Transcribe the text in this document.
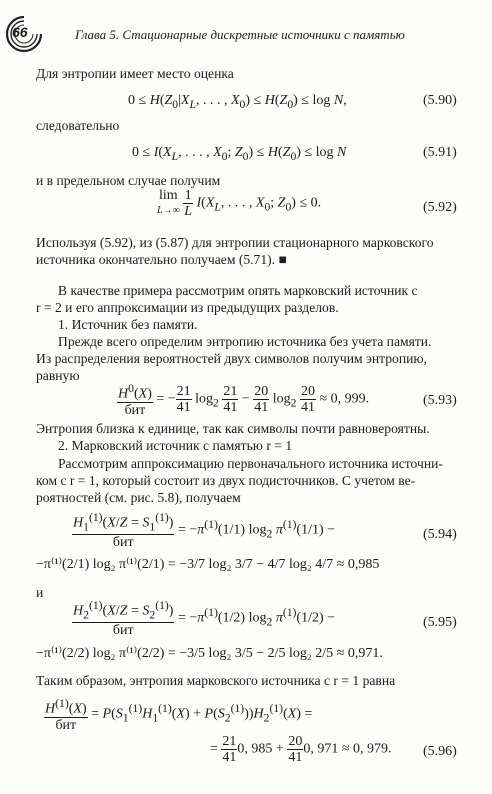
66	Глава 5. Стационарные дискретные источники с памятью
Для энтропии имеет место оценка
$0 \le H(Z_0|X_L$, . . . , $X_0) \le H(Z_0) \le \log N$,	(5.90)
следовательно
$0 \le I(X_L$, . . . , $X_0$; $Z_0) \le H(Z_0) \le \log N$	(5.91)
и в предельном случае получим
lim
$L\to\infty \frac{1}{L} I(X_L$, . . . , $X_0$; $Z_0) \le 0$.	(5.92)
Используя (5.92), из (5.87) для энтропии стационарного марковского
источника окончательно получаем (5.71). ■
В качестве примера рассмотрим опять марковский источник с
r = 2 и его аппроксимации из предыдущих разделов.
1. Источник без памяти.
Прежде всего определим энтропию источника без учета памяти.
Из распределения вероятностей двух символов получим энтропию,
равную
$H^0(X)$
бит
= − $\frac{21}{41} \log_2 \frac{21}{41} - \frac{20}{41} \log_2 \frac{20}{41} \approx 0$, 999.	(5.93)
Энтропия близка к единице, так как символы почти равновероятны.
2. Марковский источник с памятью r = 1
Рассмотрим аппроксимацию первоначального источника источни-
ком с r = 1, который состоит из двух подисточников. С учетом ве-
роятностей (см. рис. 5.8), получаем
$H_1^{(1)}(X/Z = S_1^{(1)})$
бит
= $-\pi^{(1)}(1/1)$ $\log_2 \pi^{(1)}(1/1)$ −	(5.94)
−π⁽¹⁾(2/1) log₂ π⁽¹⁾(2/1) = −3/7 log₂ 3/7 − 4/7 log₂ 4/7 ≈ 0,985
и
$H_2^{(1)}(X/Z = S_2^{(1)})$
бит
= $-\pi^{(1)}(1/2)$ $\log_2 \pi^{(1)}(1/2)$ −	(5.95)
−π⁽¹⁾(2/2) log₂ π⁽¹⁾(2/2) = −3/5 log₂ 3/5 − 2/5 log₂ 2/5 ≈ 0,971.
Таким образом, энтропия марковского источника с r = 1 равна
$H^{(1)}(X)$
бит
= $P(S_1^{(1)}H_1^{(1)}(X) + P(S_2^{(1)}))H_2^{(1)}(X)$ =
= $\frac{21}{41} 0$, $985 + \frac{20}{41} 0$, 971 ≈ 0, 979. (5.96)
